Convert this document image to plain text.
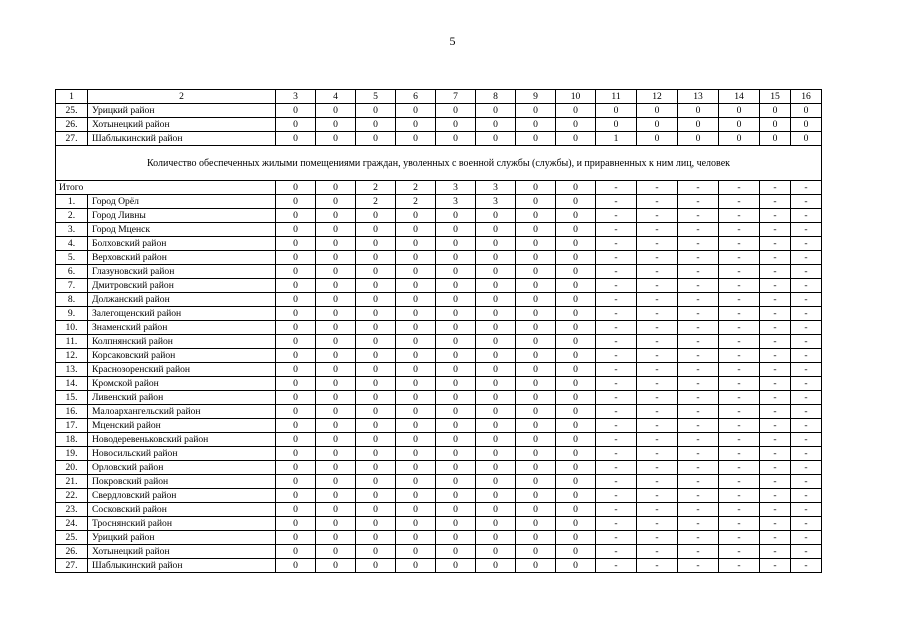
5
1	2	3	4	5	6	7	8	9	10	11	12	13	14	15	16
25.	Урицкий район	0	0	0	0	0	0	0	0	0	0	0	0	0	0
26.	Хотынецкий район	0	0	0	0	0	0	0	0	0	0	0	0	0	0
27.	Шаблыкинский район	0	0	0	0	0	0	0	0	1	0	0	0	0	0
Количество обеспеченных жилыми помещениями граждан, уволенных с военной службы (службы), и приравненных к ним лиц, человек															
Итого		0	0	2	2	3	3	0	0	-	-	-	-	-	-
1.	Город Орёл	0	0	2	2	3	3	0	0	-	-	-	-	-	-
2.	Город Ливны	0	0	0	0	0	0	0	0	-	-	-	-	-	-
3.	Город Мценск	0	0	0	0	0	0	0	0	-	-	-	-	-	-
4.	Болховский район	0	0	0	0	0	0	0	0	-	-	-	-	-	-
5.	Верховский район	0	0	0	0	0	0	0	0	-	-	-	-	-	-
6.	Глазуновский район	0	0	0	0	0	0	0	0	-	-	-	-	-	-
7.	Дмитровский район	0	0	0	0	0	0	0	0	-	-	-	-	-	-
8.	Должанский район	0	0	0	0	0	0	0	0	-	-	-	-	-	-
9.	Залегощенский район	0	0	0	0	0	0	0	0	-	-	-	-	-	-
10.	Знаменский район	0	0	0	0	0	0	0	0	-	-	-	-	-	-
11.	Колпнянский район	0	0	0	0	0	0	0	0	-	-	-	-	-	-
12.	Корсаковский район	0	0	0	0	0	0	0	0	-	-	-	-	-	-
13.	Краснозоренский район	0	0	0	0	0	0	0	0	-	-	-	-	-	-
14.	Кромской район	0	0	0	0	0	0	0	0	-	-	-	-	-	-
15.	Ливенский район	0	0	0	0	0	0	0	0	-	-	-	-	-	-
16.	Малоархангельский район	0	0	0	0	0	0	0	0	-	-	-	-	-	-
17.	Мценский район	0	0	0	0	0	0	0	0	-	-	-	-	-	-
18.	Новодеревеньковский район	0	0	0	0	0	0	0	0	-	-	-	-	-	-
19.	Новосильский район	0	0	0	0	0	0	0	0	-	-	-	-	-	-
20.	Орловский район	0	0	0	0	0	0	0	0	-	-	-	-	-	-
21.	Покровский район	0	0	0	0	0	0	0	0	-	-	-	-	-	-
22.	Свердловский район	0	0	0	0	0	0	0	0	-	-	-	-	-	-
23.	Сосковский район	0	0	0	0	0	0	0	0	-	-	-	-	-	-
24.	Троснянский район	0	0	0	0	0	0	0	0	-	-	-	-	-	-
25.	Урицкий район	0	0	0	0	0	0	0	0	-	-	-	-	-	-
26.	Хотынецкий район	0	0	0	0	0	0	0	0	-	-	-	-	-	-
27.	Шаблыкинский район	0	0	0	0	0	0	0	0	-	-	-	-	-	-
